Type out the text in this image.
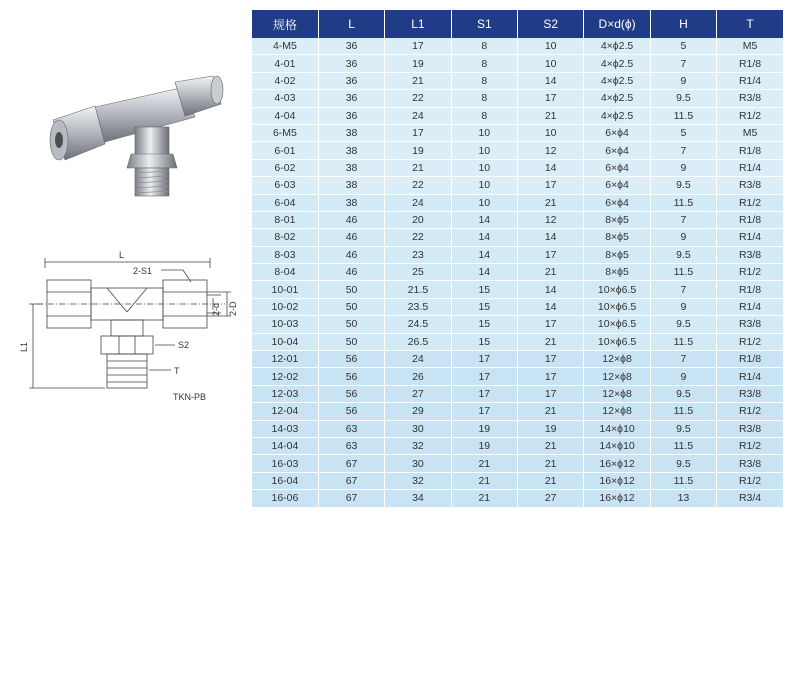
L
2-S1
L1
2-d 2-D
S2
T
TKN-PB
规格	L	L1	S1	S2	D×d(ϕ)	H	T
4-M5	36	17	8	10	4×ϕ2.5	5	M5
4-01	36	19	8	10	4×ϕ2.5	7	R1/8
4-02	36	21	8	14	4×ϕ2.5	9	R1/4
4-03	36	22	8	17	4×ϕ2.5	9.5	R3/8
4-04	36	24	8	21	4×ϕ2.5	11.5	R1/2
6-M5	38	17	10	10	6×ϕ4	5	M5
6-01	38	19	10	12	6×ϕ4	7	R1/8
6-02	38	21	10	14	6×ϕ4	9	R1/4
6-03	38	22	10	17	6×ϕ4	9.5	R3/8
6-04	38	24	10	21	6×ϕ4	11.5	R1/2
8-01	46	20	14	12	8×ϕ5	7	R1/8
8-02	46	22	14	14	8×ϕ5	9	R1/4
8-03	46	23	14	17	8×ϕ5	9.5	R3/8
8-04	46	25	14	21	8×ϕ5	11.5	R1/2
10-01	50	21.5	15	14	10×ϕ6.5	7	R1/8
10-02	50	23.5	15	14	10×ϕ6.5	9	R1/4
10-03	50	24.5	15	17	10×ϕ6.5	9.5	R3/8
10-04	50	26.5	15	21	10×ϕ6.5	11.5	R1/2
12-01	56	24	17	17	12×ϕ8	7	R1/8
12-02	56	26	17	17	12×ϕ8	9	R1/4
12-03	56	27	17	17	12×ϕ8	9.5	R3/8
12-04	56	29	17	21	12×ϕ8	11.5	R1/2
14-03	63	30	19	19	14×ϕ10	9.5	R3/8
14-04	63	32	19	21	14×ϕ10	11.5	R1/2
16-03	67	30	21	21	16×ϕ12	9.5	R3/8
16-04	67	32	21	21	16×ϕ12	11.5	R1/2
16-06	67	34	21	27	16×ϕ12	13	R3/4
